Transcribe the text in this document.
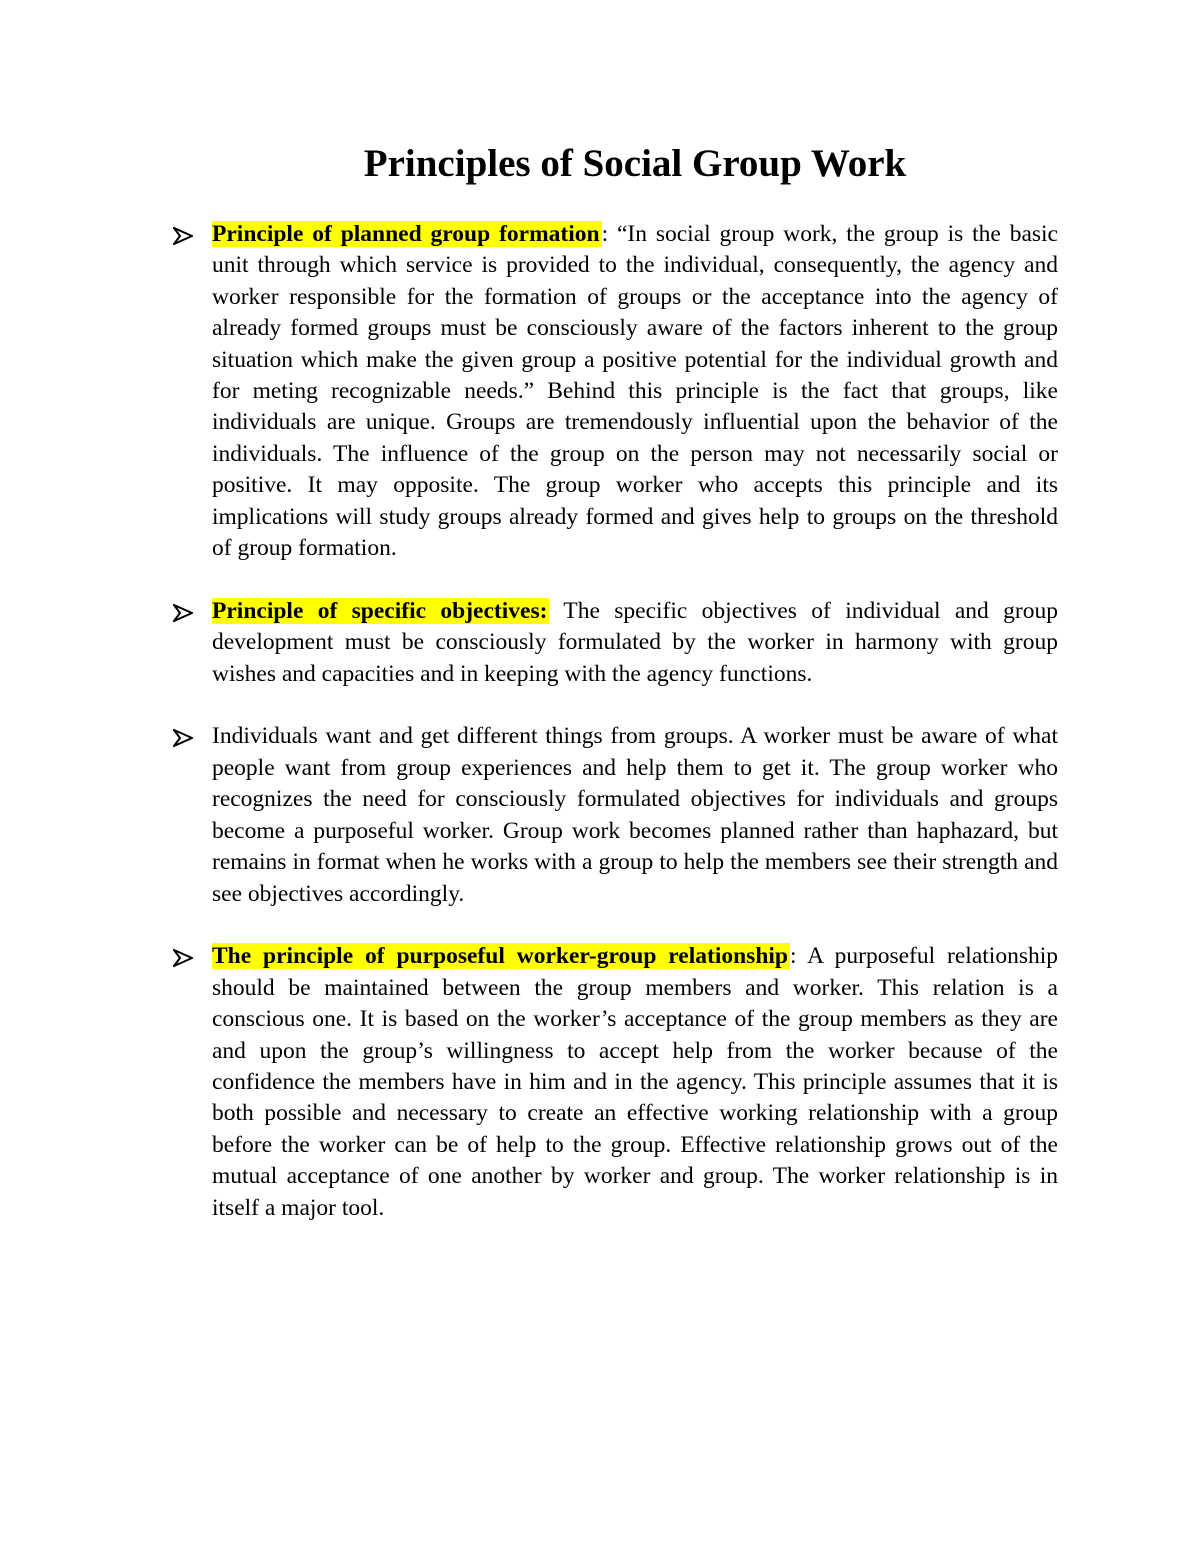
Principles of Social Group Work
Principle of planned group formation: “In social group work, the group is the basic unit through which service is provided to the individual, consequently, the agency and worker responsible for the formation of groups or the acceptance into the agency of already formed groups must be consciously aware of the factors inherent to the group situation which make the given group a positive potential for the individual growth and for meting recognizable needs.” Behind this principle is the fact that groups, like individuals are unique. Groups are tremendously influential upon the behavior of the individuals. The influence of the group on the person may not necessarily social or positive. It may opposite. The group worker who accepts this principle and its implications will study groups already formed and gives help to groups on the threshold of group formation.
Principle of specific objectives: The specific objectives of individual and group development must be consciously formulated by the worker in harmony with group wishes and capacities and in keeping with the agency functions.
Individuals want and get different things from groups. A worker must be aware of what people want from group experiences and help them to get it. The group worker who recognizes the need for consciously formulated objectives for individuals and groups become a purposeful worker. Group work becomes planned rather than haphazard, but remains in format when he works with a group to help the members see their strength and see objectives accordingly.
The principle of purposeful worker-group relationship: A purposeful relationship should be maintained between the group members and worker. This relation is a conscious one. It is based on the worker’s acceptance of the group members as they are and upon the group’s willingness to accept help from the worker because of the confidence the members have in him and in the agency. This principle assumes that it is both possible and necessary to create an effective working relationship with a group before the worker can be of help to the group. Effective relationship grows out of the mutual acceptance of one another by worker and group. The worker relationship is in itself a major tool.
